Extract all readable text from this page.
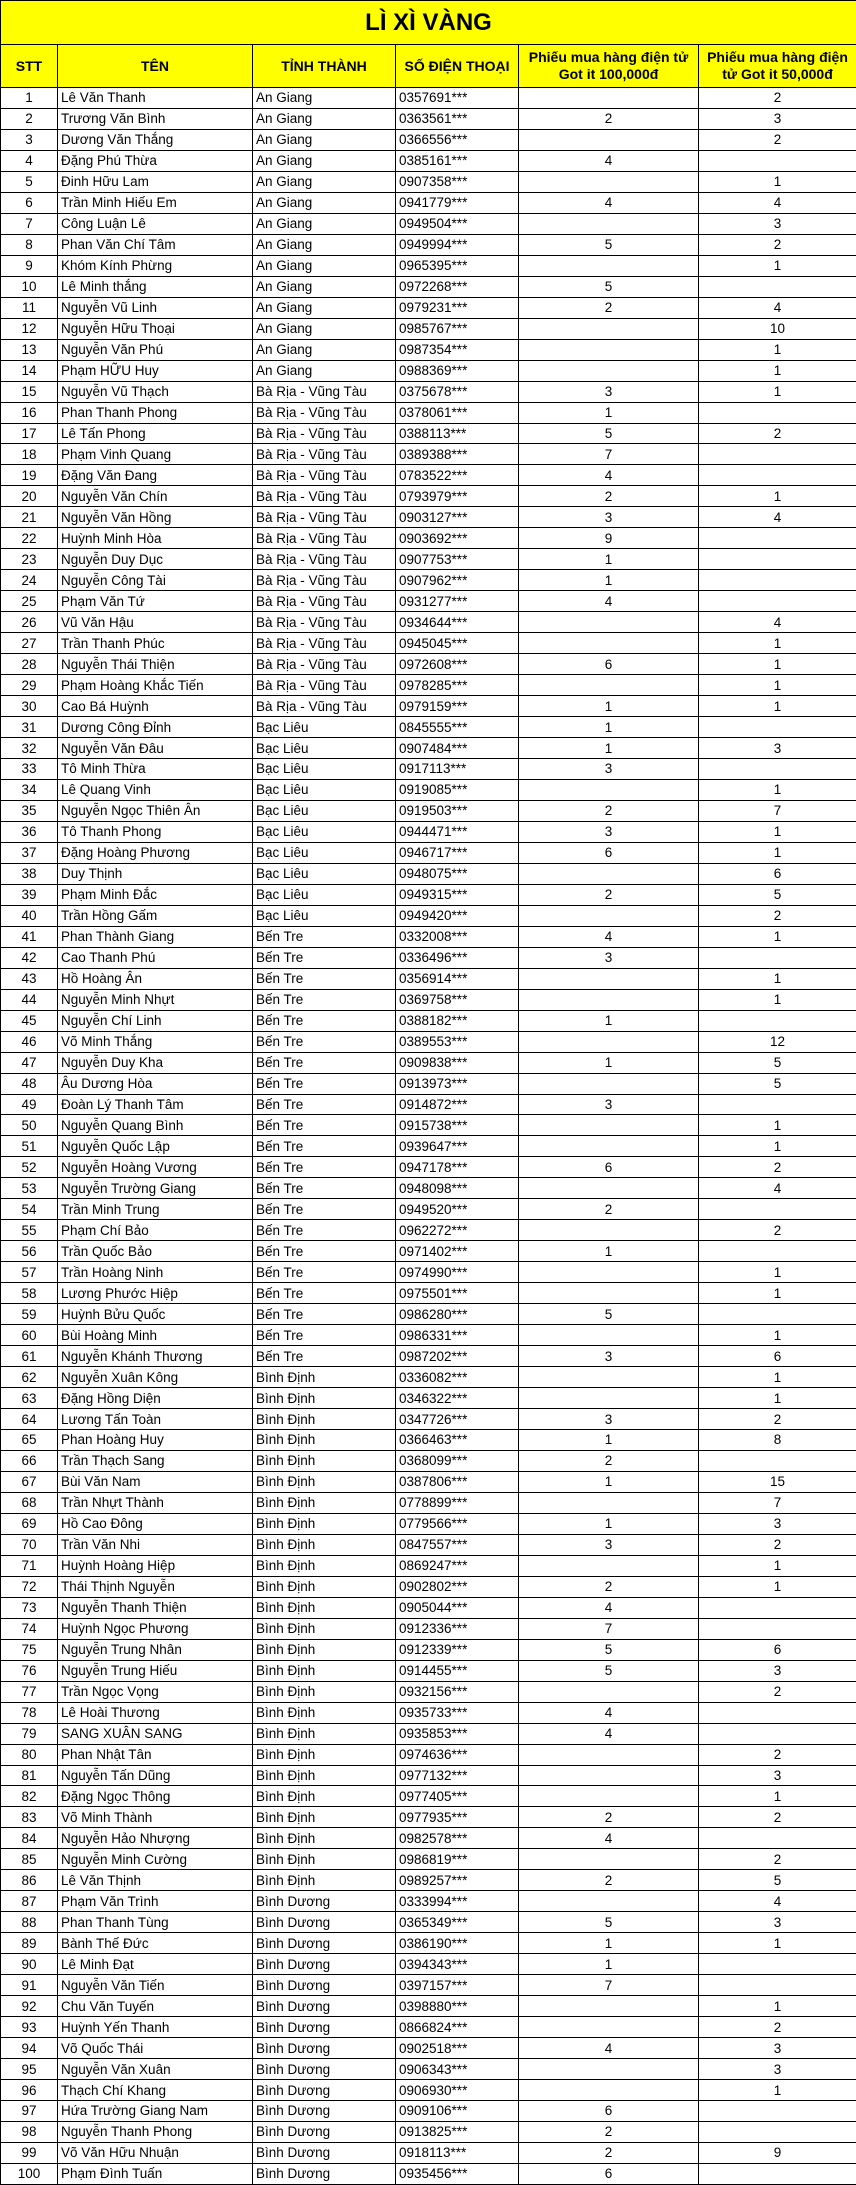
LÌ XÌ VÀNG					
STT	TÊN	TỈNH THÀNH	SỐ ĐIỆN THOẠI	Phiếu mua hàng điện tử Got it 100,000đ	Phiếu mua hàng điện tử Got it 50,000đ
1	Lê Văn Thanh	An Giang	0357691***		2
2	Trương Văn Bình	An Giang	0363561***	2	3
3	Dương Văn Thắng	An Giang	0366556***		2
4	Đặng Phú Thừa	An Giang	0385161***	4	
5	Đinh Hữu Lam	An Giang	0907358***		1
6	Trần Minh Hiếu Em	An Giang	0941779***	4	4
7	Công Luận Lê	An Giang	0949504***		3
8	Phan Văn Chí Tâm	An Giang	0949994***	5	2
9	Khóm Kính Phừng	An Giang	0965395***		1
10	Lê Minh thắng	An Giang	0972268***	5	
11	Nguyễn Vũ Linh	An Giang	0979231***	2	4
12	Nguyễn Hữu Thoại	An Giang	0985767***		10
13	Nguyễn Văn Phú	An Giang	0987354***		1
14	Phạm HỮU Huy	An Giang	0988369***		1
15	Nguyễn Vũ Thạch	Bà Rịa - Vũng Tàu	0375678***	3	1
16	Phan Thanh Phong	Bà Rịa - Vũng Tàu	0378061***	1	
17	Lê Tấn Phong	Bà Rịa - Vũng Tàu	0388113***	5	2
18	Phạm Vinh Quang	Bà Rịa - Vũng Tàu	0389388***	7	
19	Đặng Văn Đang	Bà Rịa - Vũng Tàu	0783522***	4	
20	Nguyễn Văn Chín	Bà Rịa - Vũng Tàu	0793979***	2	1
21	Nguyễn Văn Hồng	Bà Rịa - Vũng Tàu	0903127***	3	4
22	Huỳnh Minh Hòa	Bà Rịa - Vũng Tàu	0903692***	9	
23	Nguyễn Duy Dục	Bà Rịa - Vũng Tàu	0907753***	1	
24	Nguyễn Công Tài	Bà Rịa - Vũng Tàu	0907962***	1	
25	Phạm Văn Tứ	Bà Rịa - Vũng Tàu	0931277***	4	
26	Vũ Văn Hậu	Bà Rịa - Vũng Tàu	0934644***		4
27	Trần Thanh Phúc	Bà Rịa - Vũng Tàu	0945045***		1
28	Nguyễn Thái Thiện	Bà Rịa - Vũng Tàu	0972608***	6	1
29	Phạm Hoàng Khắc Tiến	Bà Rịa - Vũng Tàu	0978285***		1
30	Cao Bá Huỳnh	Bà Rịa - Vũng Tàu	0979159***	1	1
31	Dương Công Đỉnh	Bạc Liêu	0845555***	1	
32	Nguyễn Văn Đâu	Bạc Liêu	0907484***	1	3
33	Tô Minh Thừa	Bạc Liêu	0917113***	3	
34	Lê Quang Vinh	Bạc Liêu	0919085***		1
35	Nguyễn Ngọc Thiên Ân	Bạc Liêu	0919503***	2	7
36	Tô Thanh Phong	Bạc Liêu	0944471***	3	1
37	Đặng Hoàng Phương	Bạc Liêu	0946717***	6	1
38	Duy Thịnh	Bạc Liêu	0948075***		6
39	Phạm Minh Đắc	Bạc Liêu	0949315***	2	5
40	Trần Hồng Gấm	Bạc Liêu	0949420***		2
41	Phan Thành Giang	Bến Tre	0332008***	4	1
42	Cao Thanh Phú	Bến Tre	0336496***	3	
43	Hồ Hoàng Ân	Bến Tre	0356914***		1
44	Nguyễn Minh Nhựt	Bến Tre	0369758***		1
45	Nguyễn Chí Linh	Bến Tre	0388182***	1	
46	Võ Minh Thắng	Bến Tre	0389553***		12
47	Nguyễn Duy Kha	Bến Tre	0909838***	1	5
48	Âu Dương Hòa	Bến Tre	0913973***		5
49	Đoàn Lý Thanh Tâm	Bến Tre	0914872***	3	
50	Nguyễn Quang Bình	Bến Tre	0915738***		1
51	Nguyễn Quốc Lập	Bến Tre	0939647***		1
52	Nguyễn Hoàng Vương	Bến Tre	0947178***	6	2
53	Nguyễn Trường Giang	Bến Tre	0948098***		4
54	Trần Minh Trung	Bến Tre	0949520***	2	
55	Phạm Chí Bảo	Bến Tre	0962272***		2
56	Trần Quốc Bảo	Bến Tre	0971402***	1	
57	Trần Hoàng Ninh	Bến Tre	0974990***		1
58	Lương Phước Hiệp	Bến Tre	0975501***		1
59	Huỳnh Bửu Quốc	Bến Tre	0986280***	5	
60	Bùi Hoàng Minh	Bến Tre	0986331***		1
61	Nguyễn Khánh Thương	Bến Tre	0987202***	3	6
62	Nguyễn Xuân Kông	Bình Định	0336082***		1
63	Đặng Hồng Diện	Bình Định	0346322***		1
64	Lương Tấn Toàn	Bình Định	0347726***	3	2
65	Phan Hoàng Huy	Bình Định	0366463***	1	8
66	Trần Thạch Sang	Bình Định	0368099***	2	
67	Bùi Văn Nam	Bình Định	0387806***	1	15
68	Trần Nhựt Thành	Bình Định	0778899***		7
69	Hồ Cao Đông	Bình Định	0779566***	1	3
70	Trần Văn Nhi	Bình Định	0847557***	3	2
71	Huỳnh Hoàng Hiệp	Bình Định	0869247***		1
72	Thái Thịnh Nguyễn	Bình Định	0902802***	2	1
73	Nguyễn Thanh Thiện	Bình Định	0905044***	4	
74	Huỳnh Ngọc Phương	Bình Định	0912336***	7	
75	Nguyễn Trung Nhân	Bình Định	0912339***	5	6
76	Nguyễn Trung Hiếu	Bình Định	0914455***	5	3
77	Trần Ngọc Vọng	Bình Định	0932156***		2
78	Lê Hoài Thương	Bình Định	0935733***	4	
79	SANG XUÂN SANG	Bình Định	0935853***	4	
80	Phan Nhật Tân	Bình Định	0974636***		2
81	Nguyễn Tấn Dũng	Bình Định	0977132***		3
82	Đặng Ngọc Thông	Bình Định	0977405***		1
83	Võ Minh Thành	Bình Định	0977935***	2	2
84	Nguyễn Hảo Nhượng	Bình Định	0982578***	4	
85	Nguyễn Minh Cường	Bình Định	0986819***		2
86	Lê Văn Thịnh	Bình Định	0989257***	2	5
87	Phạm Văn Trình	Bình Dương	0333994***		4
88	Phan Thanh Tùng	Bình Dương	0365349***	5	3
89	Bành Thế Đức	Bình Dương	0386190***	1	1
90	Lê Minh Đạt	Bình Dương	0394343***	1	
91	Nguyễn Văn Tiến	Bình Dương	0397157***	7	
92	Chu Văn Tuyến	Bình Dương	0398880***		1
93	Huỳnh Yến Thanh	Bình Dương	0866824***		2
94	Võ Quốc Thái	Bình Dương	0902518***	4	3
95	Nguyễn Văn Xuân	Bình Dương	0906343***		3
96	Thạch Chí Khang	Bình Dương	0906930***		1
97	Hứa Trường Giang Nam	Bình Dương	0909106***	6	
98	Nguyễn Thanh Phong	Bình Dương	0913825***	2	
99	Võ Văn Hữu Nhuận	Bình Dương	0918113***	2	9
100	Phạm Đình Tuấn	Bình Dương	0935456***	6	
